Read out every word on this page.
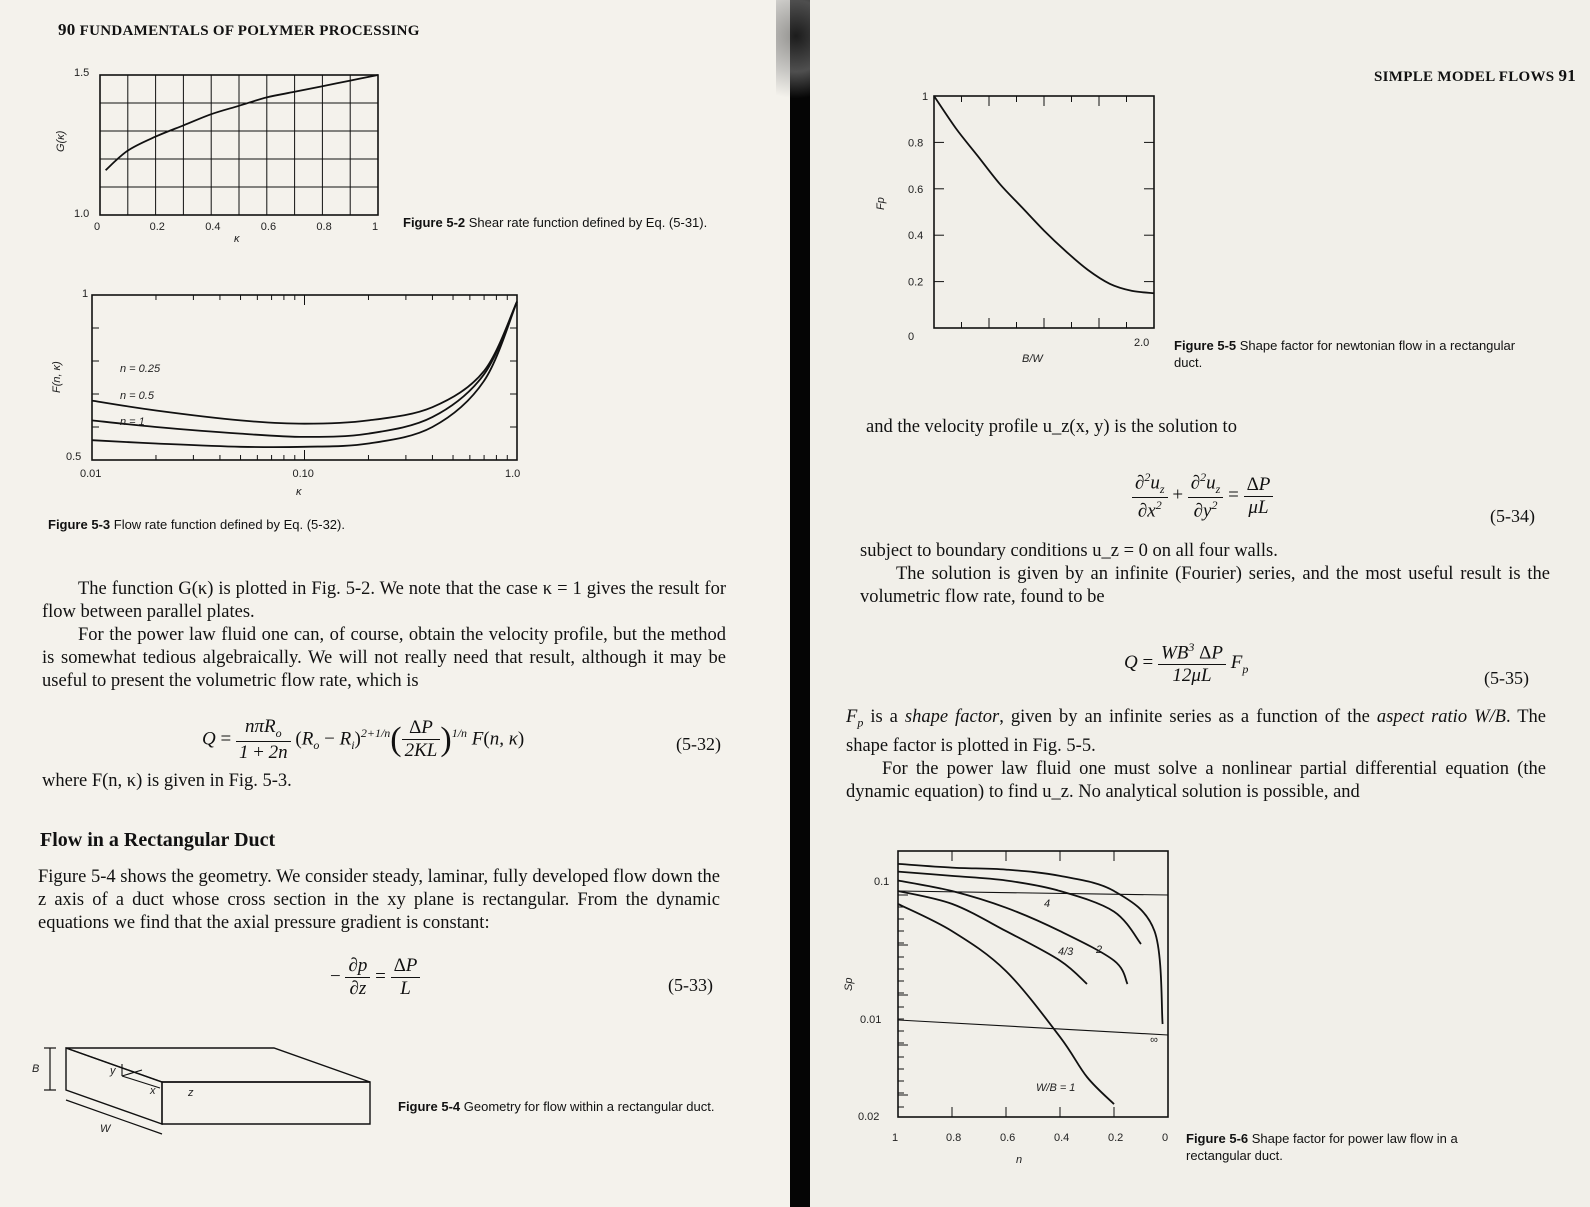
90 FUNDAMENTALS OF POLYMER PROCESSING
1.5
1.0
0	0.2	0.4	0.6	0.8	1
G(κ)
κ
Figure 5-2 Shear rate function defined by Eq. (5-31).
1
0.5
0.01	0.10	1.0
F(n, κ)
κ
n = 0.25
n = 0.5
n = 1
Figure 5-3 Flow rate function defined by Eq. (5-32).

The function G(κ) is plotted in Fig. 5-2. We note that the case κ = 1 gives the result for flow between parallel plates.

For the power law fluid one can, of course, obtain the velocity profile, but the method is somewhat tedious algebraically. We will not really need that result, although it may be useful to present the volumetric flow rate, which is

$Q = \frac{n\pi R_o}{1 + 2n} (R_o - R_i)^{2+1/n}( \frac{\Delta P}{2KL} )^{1/n}$ F(n, κ)	(5-32)

where F(n, κ) is given in Fig. 5-3.

Flow in a Rectangular Duct

Figure 5-4 shows the geometry. We consider steady, laminar, fully developed flow down the z axis of a duct whose cross section in the xy plane is rectangular. From the dynamic equations we find that the axial pressure gradient is constant:

− $\frac{\partial p}{\partial z} = \frac{\Delta P}{L}$	(5-33)
B
W
x
y
z
Figure 5-4 Geometry for flow within a rectangular duct.
SIMPLE MODEL FLOWS 91
1
0.8
0.6
0.4
0.2
0	2.0
Fp
B/W
Figure 5-5 Shape factor for newtonian flow in a rectangular duct.

and the velocity profile u_z(x, y) is the solution to

$\frac{\partial^2u_z}{\partial x^2} + \frac{\partial^2u_z}{\partial y^2} = \frac{\Delta P}{\mu L}$	(5-34)

subject to boundary conditions u_z = 0 on all four walls.

The solution is given by an infinite (Fourier) series, and the most useful result is the volumetric flow rate, found to be

$Q = \frac{WB^3 \Delta P}{12\mu L} F_p$	(5-35)

$F_p$ is a shape factor, given by an infinite series as a function of the aspect ratio W/B. The shape factor is plotted in Fig. 5-5.

For the power law fluid one must solve a nonlinear partial differential equation (the dynamic equation) to find u_z. No analytical solution is possible, and

0.1
0.01
0.02
1	0.8	0.6	0.4	0.2	0
Sp
n
4
4/3 2
∞
W/B = 1
Figure 5-6 Shape factor for power law flow in a rectangular duct.
